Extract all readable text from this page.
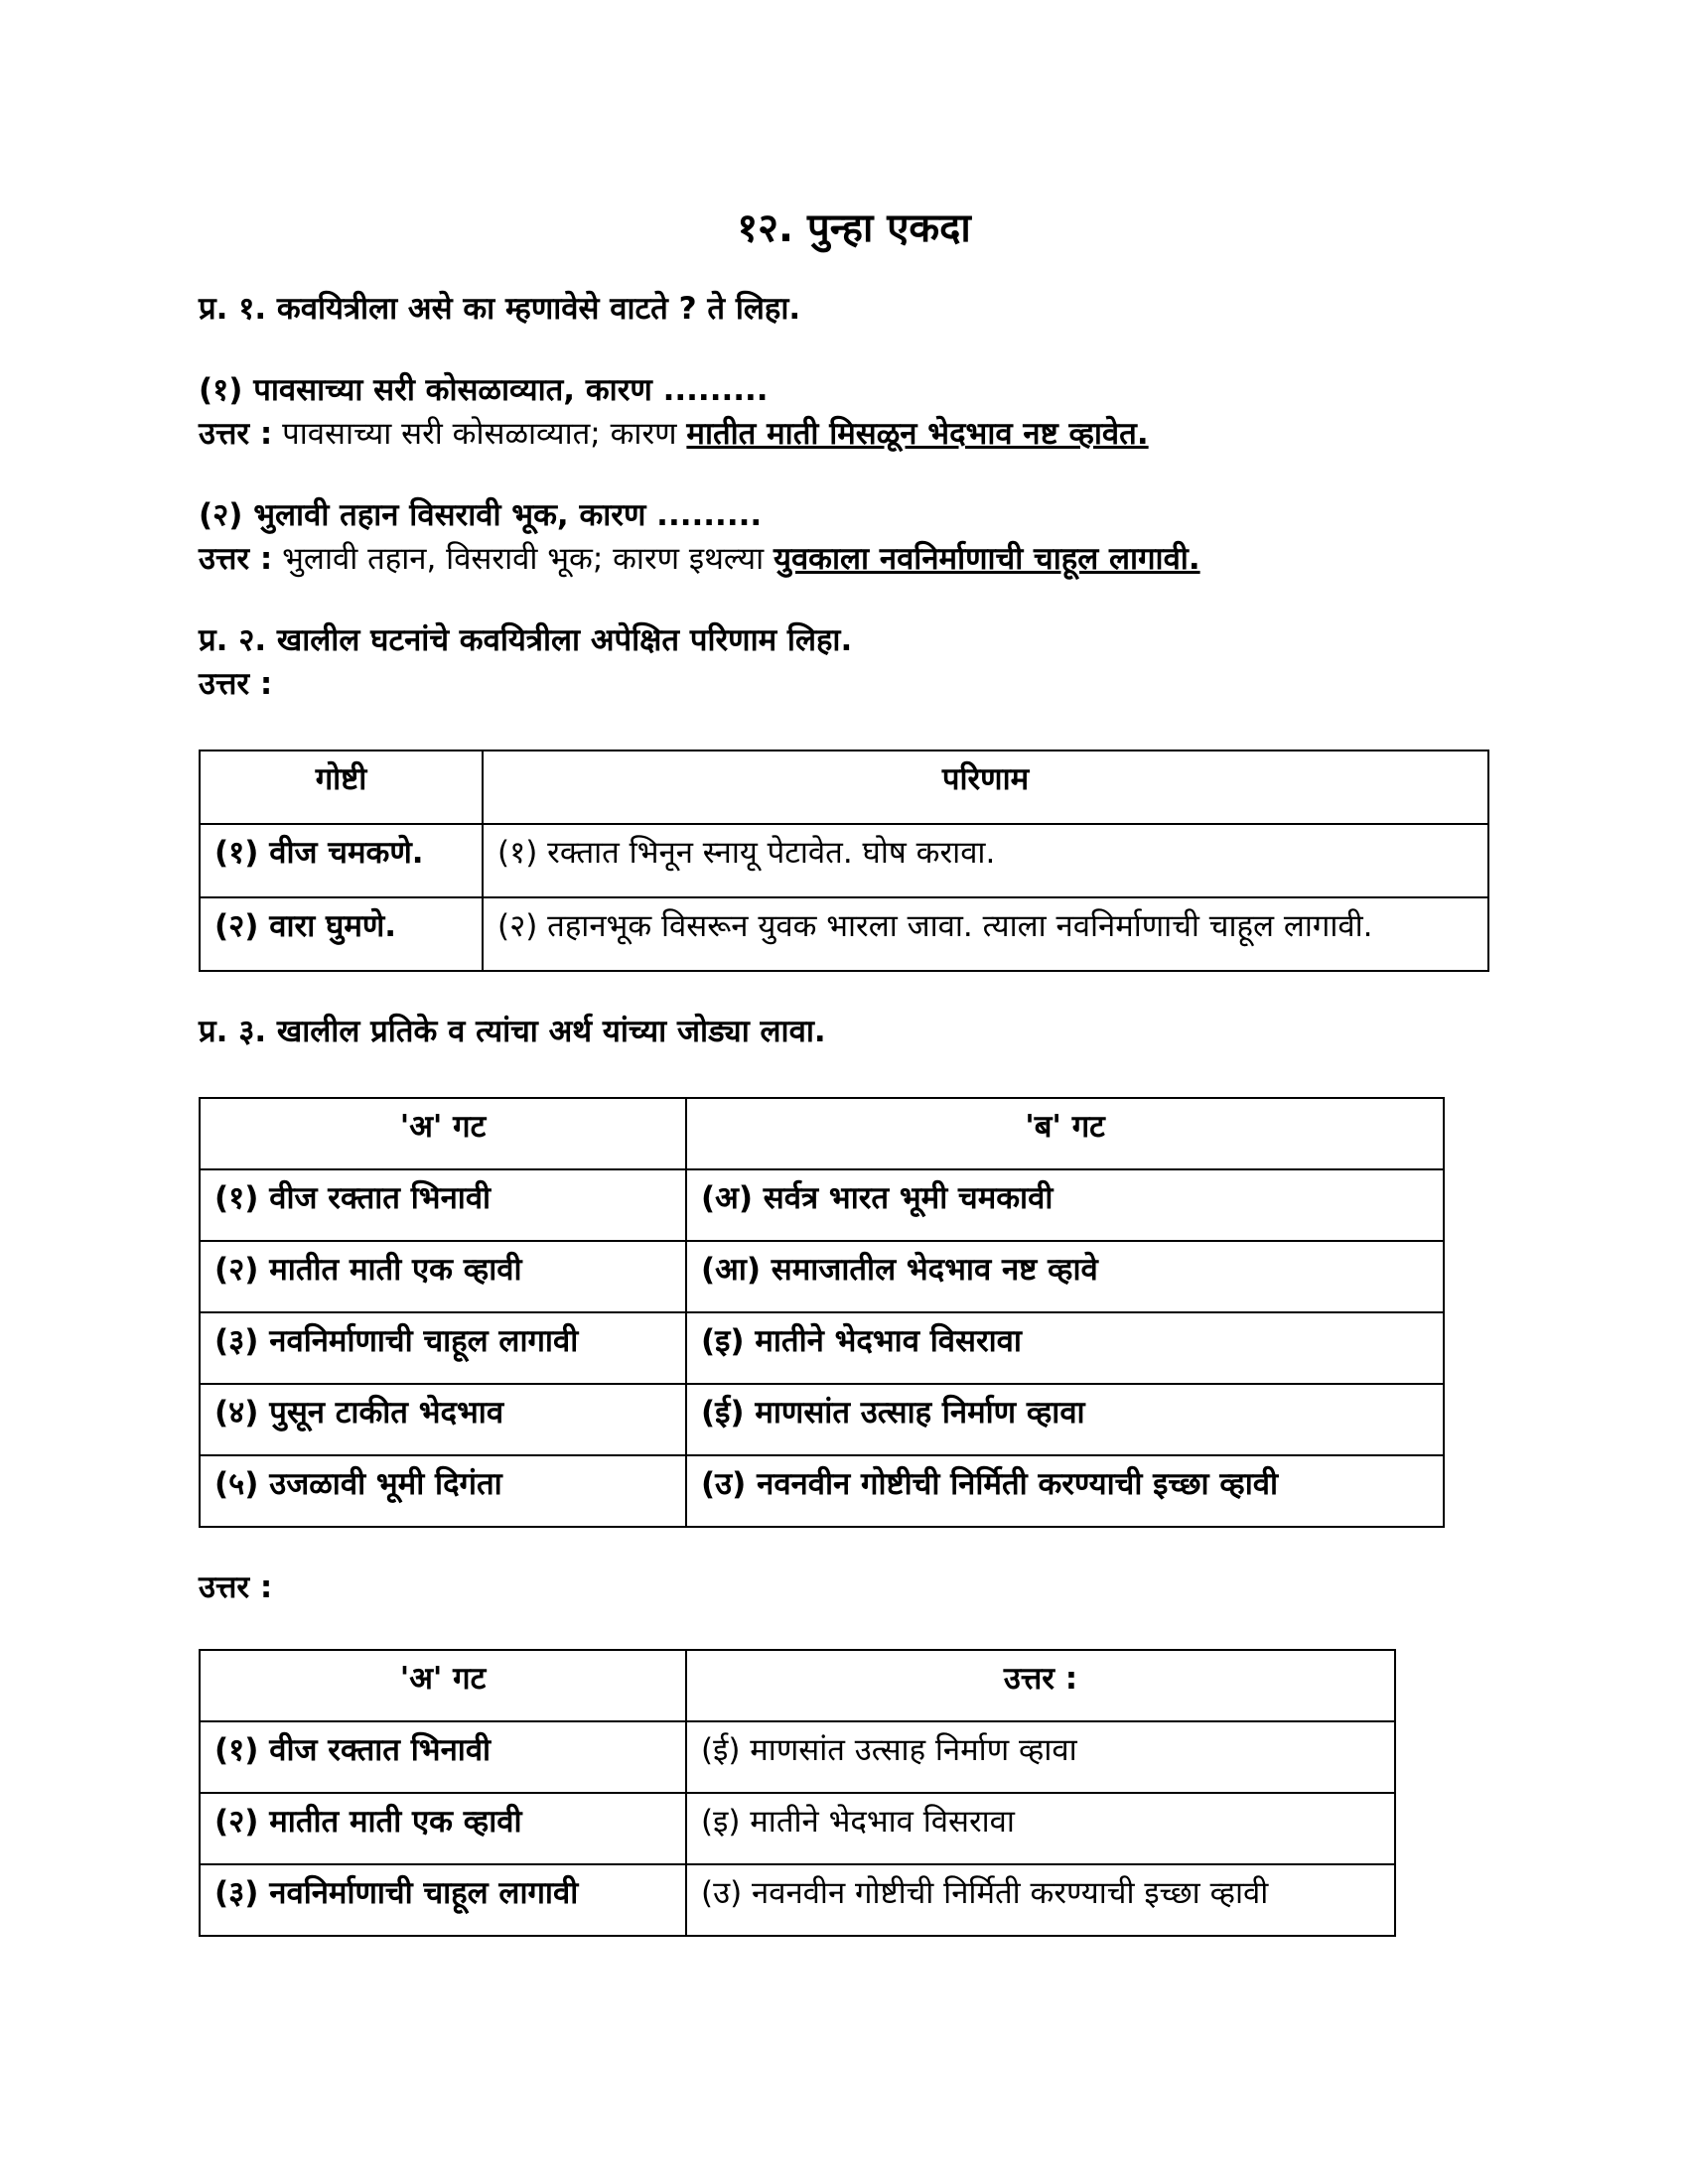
१२. पुन्हा एकदा

प्र. १. कवयित्रीला असे का म्हणावेसे वाटते ? ते लिहा.

(१) पावसाच्या सरी कोसळाव्यात, कारण .........

उत्तर : पावसाच्या सरी कोसळाव्यात; कारण मातीत माती मिसळून भेदभाव नष्ट व्हावेत.

(२) भुलावी तहान विसरावी भूक, कारण .........

उत्तर : भुलावी तहान, विसरावी भूक; कारण इथल्या युवकाला नवनिर्माणाची चाहूल लागावी.

प्र. २. खालील घटनांचे कवयित्रीला अपेक्षित परिणाम लिहा.

उत्तर :

गोष्टी	परिणाम
(१) वीज चमकणे.	(१) रक्तात भिनून स्नायू पेटावेत. घोष करावा.
(२) वारा घुमणे.	(२) तहानभूक विसरून युवक भारला जावा. त्याला नवनिर्माणाची चाहूल लागावी.

प्र. ३. खालील प्रतिके व त्यांचा अर्थ यांच्या जोड्या लावा.

'अ' गट	'ब' गट
(१) वीज रक्तात भिनावी	(अ) सर्वत्र भारत भूमी चमकावी
(२) मातीत माती एक व्हावी	(आ) समाजातील भेदभाव नष्ट व्हावे
(३) नवनिर्माणाची चाहूल लागावी	(इ) मातीने भेदभाव विसरावा
(४) पुसून टाकीत भेदभाव	(ई) माणसांत उत्साह निर्माण व्हावा
(५) उजळावी भूमी दिगंता	(उ) नवनवीन गोष्टीची निर्मिती करण्याची इच्छा व्हावी

उत्तर :

'अ' गट	उत्तर :
(१) वीज रक्तात भिनावी	(ई) माणसांत उत्साह निर्माण व्हावा
(२) मातीत माती एक व्हावी	(इ) मातीने भेदभाव विसरावा
(३) नवनिर्माणाची चाहूल लागावी	(उ) नवनवीन गोष्टीची निर्मिती करण्याची इच्छा व्हावी
